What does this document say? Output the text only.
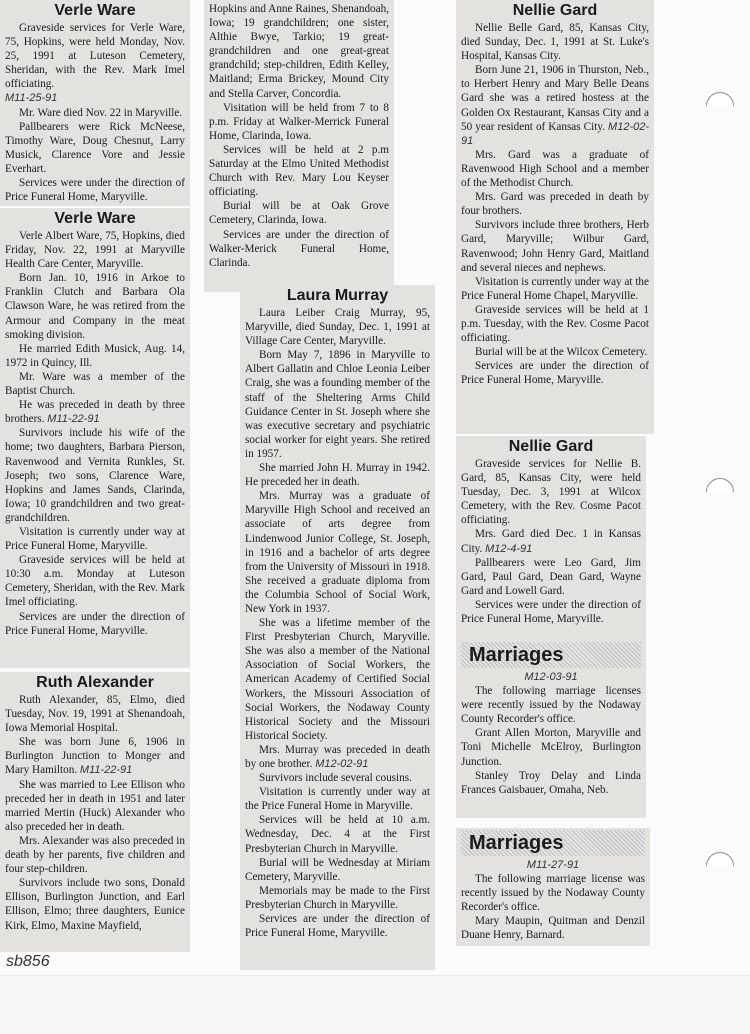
Verle Ware

Graveside services for Verle Ware, 75, Hopkins, were held Monday, Nov. 25, 1991 at Luteson Cemetery, Sheridan, with the Rev. Mark Imel officiating.

M11-25-91

Mr. Ware died Nov. 22 in Maryville.

Pallbearers were Rick McNeese, Timothy Ware, Doug Chesnut, Larry Musick, Clarence Vore and Jessie Everhart.

Services were under the direction of Price Funeral Home, Maryville.

Verle Ware

Verle Albert Ware, 75, Hopkins, died Friday, Nov. 22, 1991 at Maryville Health Care Center, Maryville.

Born Jan. 10, 1916 in Arkoe to Franklin Clutch and Barbara Ola Clawson Ware, he was retired from the Armour and Company in the meat smoking division.

He married Edith Musick, Aug. 14, 1972 in Quincy, Ill.

Mr. Ware was a member of the Baptist Church.

He was preceded in death by three brothers. M11-22-91

Survivors include his wife of the home; two daughters, Barbara Pierson, Ravenwood and Vernita Runkles, St. Joseph; two sons, Clarence Ware, Hopkins and James Sands, Clarinda, Iowa; 10 grandchildren and two great-grandchildren.

Visitation is currently under way at Price Funeral Home, Maryville.

Graveside services will be held at 10:30 a.m. Monday at Luteson Cemetery, Sheridan, with the Rev. Mark Imel officiating.

Services are under the direction of Price Funeral Home, Maryville.

Ruth Alexander

Ruth Alexander, 85, Elmo, died Tuesday, Nov. 19, 1991 at Shenandoah, Iowa Memorial Hospital.

She was born June 6, 1906 in Burlington Junction to Monger and Mary Hamilton. M11-22-91

She was married to Lee Ellison who preceded her in death in 1951 and later married Mertin (Huck) Alexander who also preceded her in death.

Mrs. Alexander was also preceded in death by her parents, five children and four step-children.

Survivors include two sons, Donald Ellison, Burlington Junction, and Earl Ellison, Elmo; three daughters, Eunice Kirk, Elmo, Maxine Mayfield,

Hopkins and Anne Raines, Shenandoah, Iowa; 19 grandchildren; one sister, Althie Bwye, Tarkio; 19 great-grandchildren and one great-great grandchild; step-children, Edith Kelley, Maitland; Erma Brickey, Mound City and Stella Carver, Concordia.

Visitation will be held from 7 to 8 p.m. Friday at Walker-Merrick Funeral Home, Clarinda, Iowa.

Services will be held at 2 p.m Saturday at the Elmo United Methodist Church with Rev. Mary Lou Keyser officiating.

Burial will be at Oak Grove Cemetery, Clarinda, Iowa.

Services are under the direction of Walker-Merick Funeral Home, Clarinda.

Laura Murray

Laura Leiber Craig Murray, 95, Maryville, died Sunday, Dec. 1, 1991 at Village Care Center, Maryville.

Born May 7, 1896 in Maryville to Albert Gallatin and Chloe Leonia Leiber Craig, she was a founding member of the staff of the Sheltering Arms Child Guidance Center in St. Joseph where she was executive secretary and psychiatric social worker for eight years. She retired in 1957.

She married John H. Murray in 1942. He preceded her in death.

Mrs. Murray was a graduate of Maryville High School and received an associate of arts degree from Lindenwood Junior College, St. Joseph, in 1916 and a bachelor of arts degree from the University of Missouri in 1918. She received a graduate diploma from the Columbia School of Social Work, New York in 1937.

She was a lifetime member of the First Presbyterian Church, Maryville. She was also a member of the National Association of Social Workers, the American Academy of Certified Social Workers, the Missouri Association of Social Workers, the Nodaway County Historical Society and the Missouri Historical Society.

Mrs. Murray was preceded in death by one brother. M12-02-91

Survivors include several cousins.

Visitation is currently under way at the Price Funeral Home in Maryville.

Services will be held at 10 a.m. Wednesday, Dec. 4 at the First Presbyterian Church in Maryville.

Burial will be Wednesday at Miriam Cemetery, Maryville.

Memorials may be made to the First Presbyterian Church in Maryville.

Services are under the direction of Price Funeral Home, Maryville.

Nellie Gard

Nellie Belle Gard, 85, Kansas City, died Sunday, Dec. 1, 1991 at St. Luke's Hospital, Kansas City.

Born June 21, 1906 in Thurston, Neb., to Herbert Henry and Mary Belle Deans Gard she was a retired hostess at the Golden Ox Restaurant, Kansas City and a 50 year resident of Kansas City. M12-02-91

Mrs. Gard was a graduate of Ravenwood High School and a member of the Methodist Church.

Mrs. Gard was preceded in death by four brothers.

Survivors include three brothers, Herb Gard, Maryville; Wilbur Gard, Ravenwood; John Henry Gard, Maitland and several nieces and nephews.

Visitation is currently under way at the Price Funeral Home Chapel, Maryville.

Graveside services will be held at 1 p.m. Tuesday, with the Rev. Cosme Pacot officiating.

Burial will be at the Wilcox Cemetery.

Services are under the direction of Price Funeral Home, Maryville.

Nellie Gard

Graveside services for Nellie B. Gard, 85, Kansas City, were held Tuesday, Dec. 3, 1991 at Wilcox Cemetery, with the Rev. Cosme Pacot officiating.

Mrs. Gard died Dec. 1 in Kansas City. M12-4-91

Pallbearers were Leo Gard, Jim Gard, Paul Gard, Dean Gard, Wayne Gard and Lowell Gard.

Services were under the direction of Price Funeral Home, Maryville.

Marriages

M12-03-91

The following marriage licenses were recently issued by the Nodaway County Recorder's office.

Grant Allen Morton, Maryville and Toni Michelle McElroy, Burlington Junction.

Stanley Troy Delay and Linda Frances Gaisbauer, Omaha, Neb.

Marriages

M11-27-91

The following marriage license was recently issued by the Nodaway County Recorder's office.

Mary Maupin, Quitman and Denzil Duane Henry, Barnard.

sb856
